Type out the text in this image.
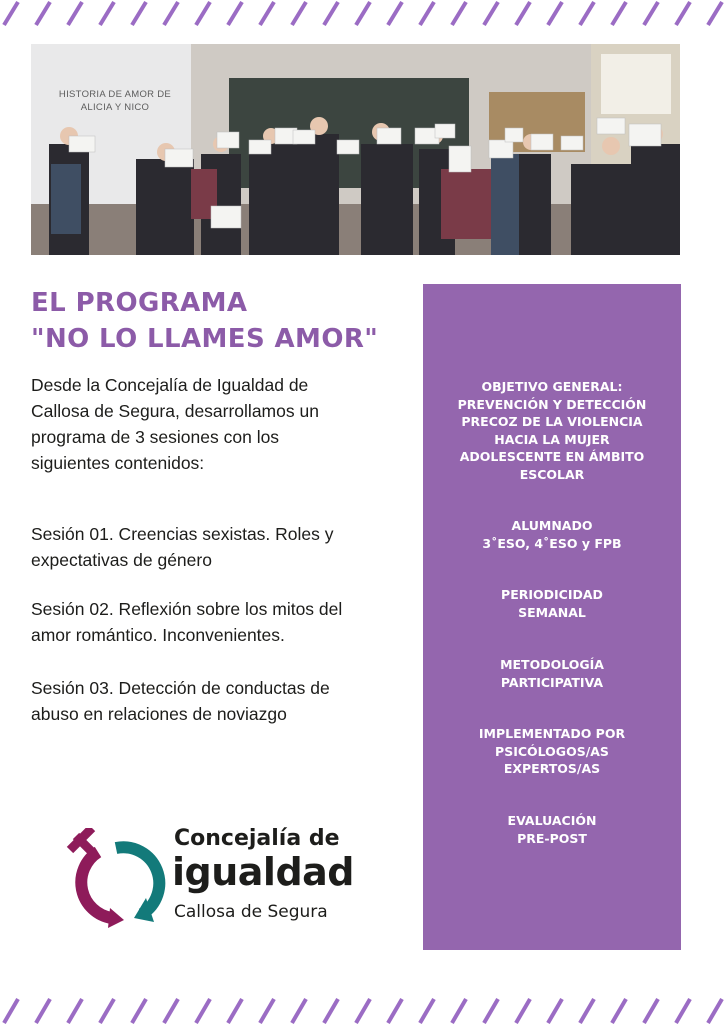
HISTORIA DE AMOR DE
ALICIA Y NICO
EL PROGRAMA
"NO LO LLAMES AMOR"

Desde la Concejalía de Igualdad de
Callosa de Segura, desarrollamos un
programa de 3 sesiones con los
siguientes contenidos:

Sesión 01. Creencias sexistas. Roles y
expectativas de género

Sesión 02. Reflexión sobre los mitos del
amor romántico. Inconvenientes.

Sesión 03. Detección de conductas de
abuso en relaciones de noviazgo

Concejalía de
igualdad
Callosa de Segura

OBJETIVO GENERAL:
PREVENCIÓN Y DETECCIÓN
PRECOZ DE LA VIOLENCIA
HACIA LA MUJER
ADOLESCENTE EN ÁMBITO
ESCOLAR

ALUMNADO
3˚ESO, 4˚ESO y FPB

PERIODICIDAD
SEMANAL

METODOLOGÍA
PARTICIPATIVA

IMPLEMENTADO POR
PSICÓLOGOS/AS
EXPERTOS/AS

EVALUACIÓN
PRE-POST
